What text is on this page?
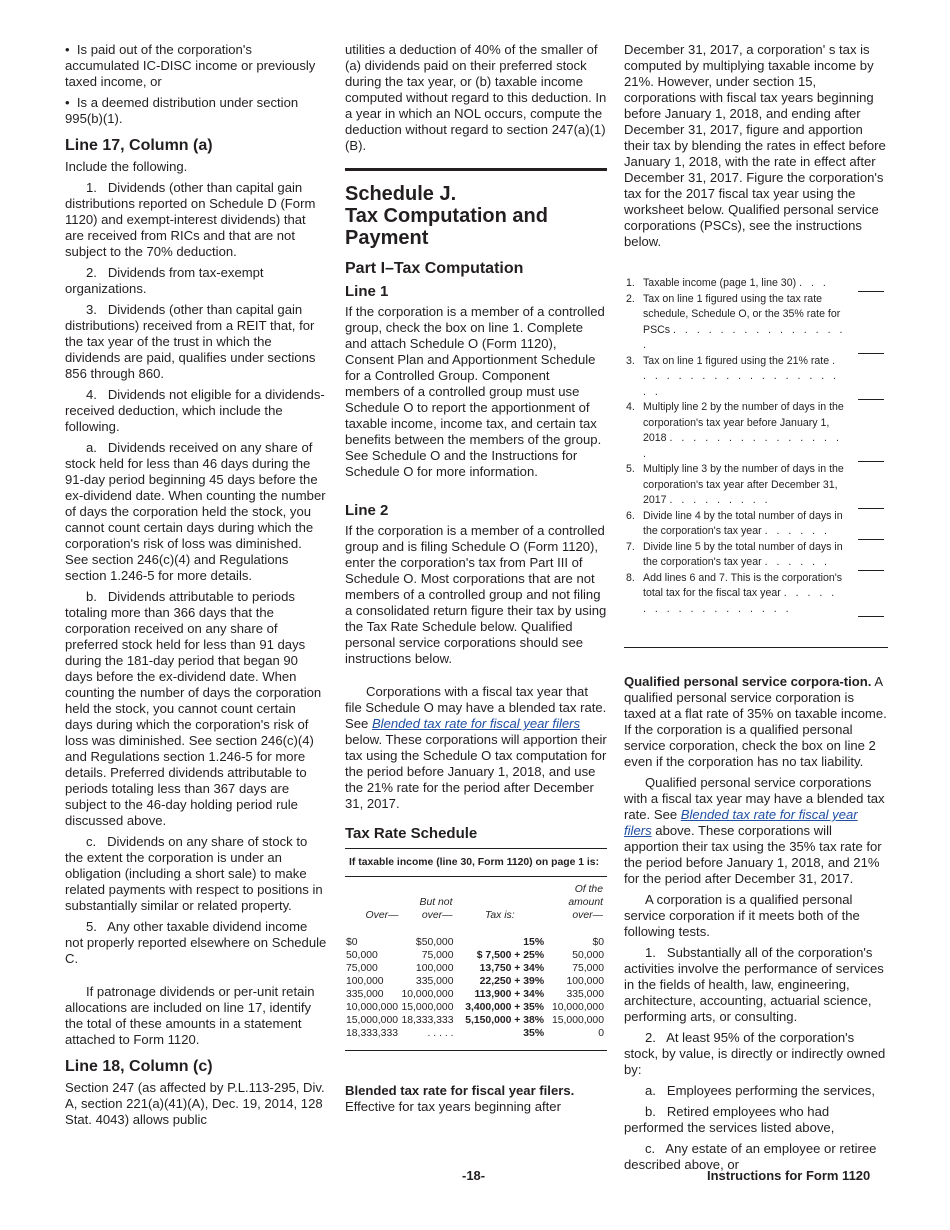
•  Is paid out of the corporation's accumulated IC-DISC income or previously taxed income, or

•  Is a deemed distribution under section 995(b)(1).

Line 17, Column (a)

Include the following.

1.   Dividends (other than capital gain distributions reported on Schedule D (Form 1120) and exempt-interest dividends) that are received from RICs and that are not subject to the 70% deduction.

2.   Dividends from tax-exempt organizations.

3.   Dividends (other than capital gain distributions) received from a REIT that, for the tax year of the trust in which the dividends are paid, qualifies under sections 856 through 860.

4.   Dividends not eligible for a dividends-received deduction, which include the following.

a.   Dividends received on any share of stock held for less than 46 days during the 91-day period beginning 45 days before the ex-dividend date. When counting the number of days the corporation held the stock, you cannot count certain days during which the corporation's risk of loss was diminished. See section 246(c)(4) and Regulations section 1.246-5 for more details.

b.   Dividends attributable to periods totaling more than 366 days that the corporation received on any share of preferred stock held for less than 91 days during the 181-day period that began 90 days before the ex-dividend date. When counting the number of days the corporation held the stock, you cannot count certain days during which the corporation's risk of loss was diminished. See section 246(c)(4) and Regulations section 1.246-5 for more details. Preferred dividends attributable to periods totaling less than 367 days are subject to the 46-day holding period rule discussed above.

c.   Dividends on any share of stock to the extent the corporation is under an obligation (including a short sale) to make related payments with respect to positions in substantially similar or related property.

5.   Any other taxable dividend income not properly reported elsewhere on Schedule C.

If patronage dividends or per-unit retain allocations are included on line 17, identify the total of these amounts in a statement attached to Form 1120.

Line 18, Column (c)

Section 247 (as affected by P.L.113-295, Div. A, section 221(a)(41)(A), Dec. 19, 2014, 128 Stat. 4043) allows public

utilities a deduction of 40% of the smaller of (a) dividends paid on their preferred stock during the tax year, or (b) taxable income computed without regard to this deduction. In a year in which an NOL occurs, compute the deduction without regard to section 247(a)(1)(B).

Schedule J.
Tax Computation and Payment
Part I–Tax Computation
Line 1

If the corporation is a member of a controlled group, check the box on line 1. Complete and attach Schedule O (Form 1120), Consent Plan and Apportionment Schedule for a Controlled Group. Component members of a controlled group must use Schedule O to report the apportionment of taxable income, income tax, and certain tax benefits between the members of the group. See Schedule O and the Instructions for Schedule O for more information.

Line 2

If the corporation is a member of a controlled group and is filing Schedule O (Form 1120), enter the corporation's tax from Part III of Schedule O. Most corporations that are not members of a controlled group and not filing a consolidated return figure their tax by using the Tax Rate Schedule below. Qualified personal service corporations should see instructions below.

Corporations with a fiscal tax year that file Schedule O may have a blended tax rate. See Blended tax rate for fiscal year filers below. These corporations will apportion their tax using the Schedule O tax computation for the period before January 1, 2018, and use the 21% rate for the period after December 31, 2017.

Tax Rate Schedule
If taxable income (line 30, Form 1120) on page 1 is:
Over—	But not over—	Tax is:	Of the amount over—
$0	$50,000	15%	$0
50,000	75,000	$ 7,500 + 25%	50,000
75,000	100,000	13,750 + 34%	75,000
100,000	335,000	22,250 + 39%	100,000
335,000	10,000,000	113,900 + 34%	335,000
10,000,000	15,000,000	3,400,000 + 35%	10,000,000
15,000,000	18,333,333	5,150,000 + 38%	15,000,000
18,333,333	. . . . .	35%	0

Blended tax rate for fiscal year filers.
Effective for tax years beginning after

December 31, 2017, a corporation' s tax is computed by multiplying taxable income by 21%. However, under section 15, corporations with fiscal tax years beginning before January 1, 2018, and ending after December 31, 2017, figure and apportion their tax by blending the rates in effect before January 1, 2018, with the rate in effect after December 31, 2017. Figure the corporation's tax for the 2017 fiscal tax year using the worksheet below. Qualified personal service corporations (PSCs), see the instructions below.

1. Taxable income (page 1, line 30) . . .
2. Tax on line 1 figured using the tax rate schedule, Schedule O, or the 35% rate for PSCs . . . . . . . . . . . . . . . .
3. Tax on line 1 figured using the 21% rate . . . . . . . . . . . . . . . . . . . .
4. Multiply line 2 by the number of days in the corporation's tax year before January 1, 2018 . . . . . . . . . . . . . . . .
5. Multiply line 3 by the number of days in the corporation's tax year after December 31, 2017 . . . . . . . . .
6. Divide line 4 by the total number of days in the corporation's tax year . . . . . .
7. Divide line 5 by the total number of days in the corporation's tax year . . . . . .
8. Add lines 6 and 7. This is the corporation's total tax for the fiscal tax year . . . . . . . . . . . . . . . . . .

Qualified personal service corpora-tion. A qualified personal service corporation is taxed at a flat rate of 35% on taxable income. If the corporation is a qualified personal service corporation, check the box on line 2 even if the corporation has no tax liability.

Qualified personal service corporations with a fiscal tax year may have a blended tax rate. See Blended tax rate for fiscal year filers above. These corporations will apportion their tax using the 35% tax rate for the period before January 1, 2018, and 21% for the period after December 31, 2017.

A corporation is a qualified personal service corporation if it meets both of the following tests.

1.   Substantially all of the corporation's activities involve the performance of services in the fields of health, law, engineering, architecture, accounting, actuarial science, performing arts, or consulting.

2.   At least 95% of the corporation's stock, by value, is directly or indirectly owned by:

a.   Employees performing the services,

b.   Retired employees who had performed the services listed above,

c.   Any estate of an employee or retiree described above, or

-18-	Instructions for Form 1120
